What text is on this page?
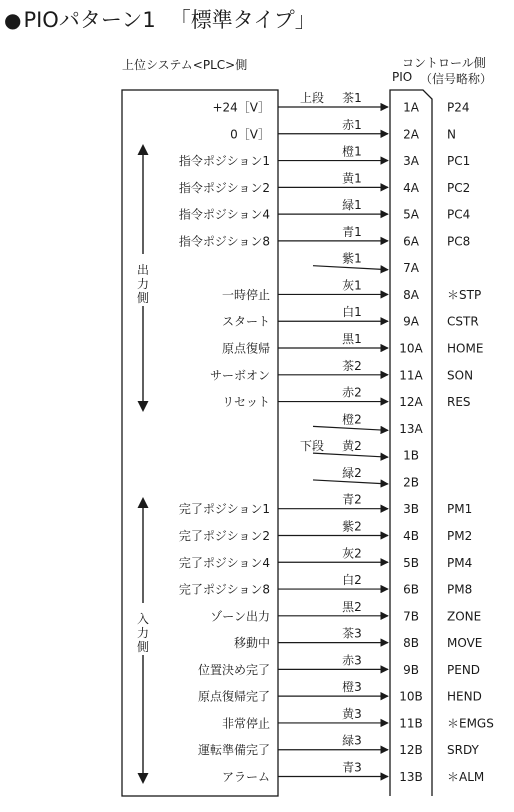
●PIOパターン1 「標準タイプ」
上位システム<PLC>側	コントロール側
PIO （信号略称）
+24［V］
茶1
1A P24
0［V］
赤1
2A N
指令ポジション1
橙1
3A PC1
指令ポジション2
黄1
4A PC2
指令ポジション4
緑1
5A PC4
指令ポジション8
青1
6A PC8
紫1
7A
一時停止
灰1
8A ＊STP
スタート
白1
9A CSTR
原点復帰
黒1
10A HOME
サーボオン
茶2
11A SON
リセット
赤2
12A RES
橙2
13A
黄2
1B
緑2
2B
完了ポジション1
青2
3B PM1
完了ポジション2
紫2
4B PM2
完了ポジション4
灰2
5B PM4
完了ポジション8
白2
6B PM8
ゾーン出力
黒2
7B ZONE
移動中
茶3
8B MOVE
位置決め完了
赤3
9B PEND
原点復帰完了
橙3
10B HEND
非常停止
黄3
11B ＊EMGS
運転準備完了
緑3
12B SRDY
アラーム
青3
13B ＊ALM
上段
下段
出
力
側
入
力
側
